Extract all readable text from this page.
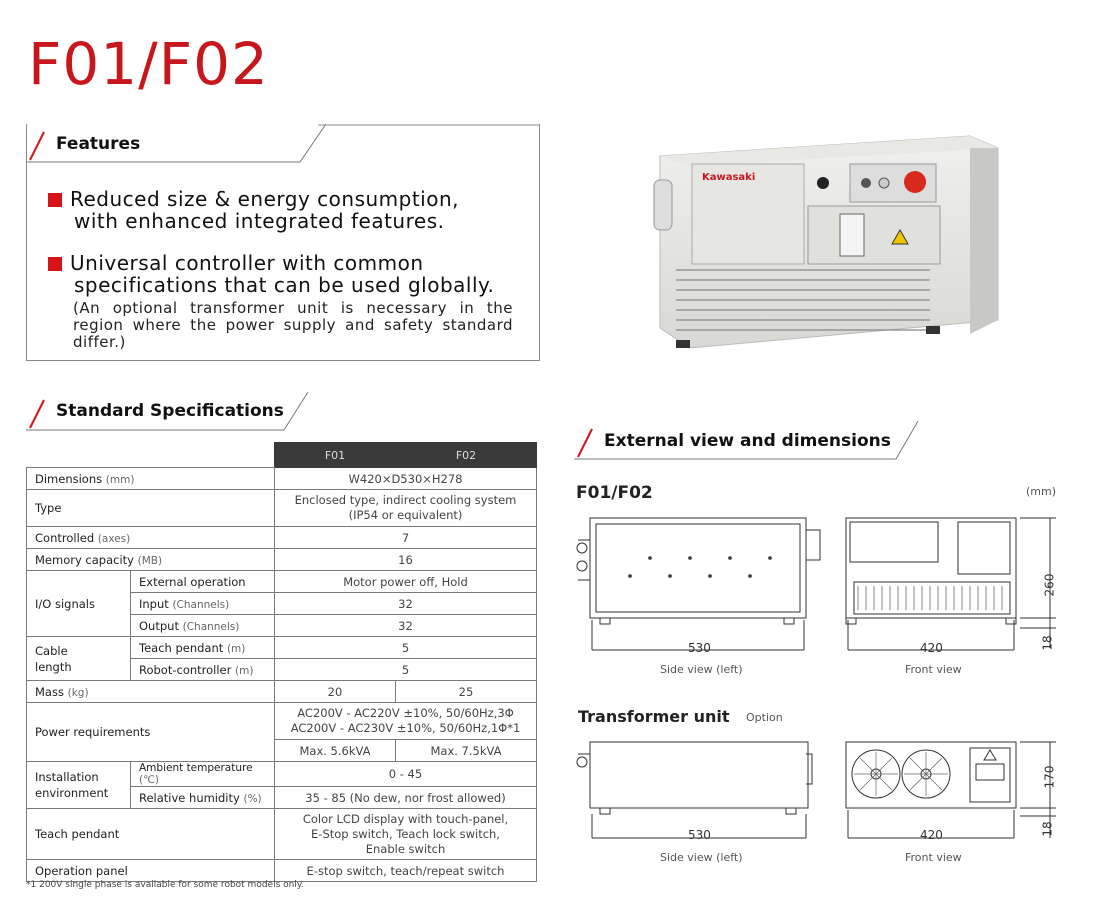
F01/F02
Features
Reduced size & energy consumption,
with enhanced integrated features.
Universal controller with common
specifications that can be used globally.
(An optional transformer unit is necessary in the region where the power supply and safety standard differ.)
Kawasaki
Standard Specifications
		F01	F02
Dimensions (mm)		W420×D530×H278	
Type		Enclosed type, indirect cooling system
(IP54 or equivalent)	
Controlled (axes)		7	
Memory capacity (MB)		16	
I/O signals	External operation	Motor power off, Hold	
	Input (Channels)	32	
	Output (Channels)	32	
Cable
length	Teach pendant (m)	5	
	Robot-controller (m)	5	
Mass (kg)		20	25
Power requirements		AC200V - AC220V ±10%, 50/60Hz,3Φ
AC200V - AC230V ±10%, 50/60Hz,1Φ*1	
		Max. 5.6kVA	Max. 7.5kVA
Installation
environment	Ambient temperature (℃)	0 - 45	
	Relative humidity (%)	35 - 85 (No dew, nor frost allowed)	
Teach pendant		Color LCD display with touch-panel,
E-Stop switch, Teach lock switch,
Enable switch	
Operation panel		E-stop switch, teach/repeat switch	
*1 200V single phase is available for some robot models only.
External view and dimensions
F01/F02	(mm)
530
Side view (left)
420
Front view
260
18
Transformer unit Option
530
Side view (left)
420
Front view
170
18
